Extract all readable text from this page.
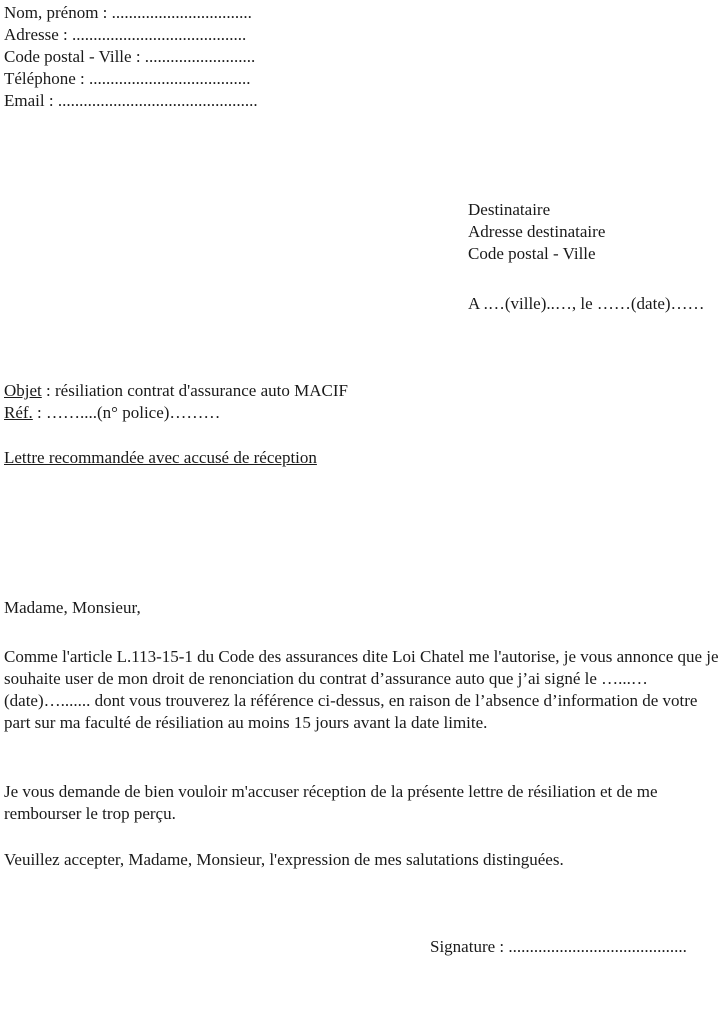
Nom, prénom : .................................
Adresse : .........................................
Code postal - Ville : ..........................
Téléphone : ......................................
Email : ...............................................
Destinataire
Adresse destinataire
Code postal - Ville
A .…(ville)..…, le ……(date)……
Objet : résiliation contrat d'assurance auto MACIF
Réf. : ……....(n° police)………
Lettre recommandée avec accusé de réception
Madame, Monsieur,
Comme l'article L.113-15-1 du Code des assurances dite Loi Chatel me l'autorise, je vous annonce que je souhaite user de mon droit de renonciation du contrat d’assurance auto que j’ai signé le …...…(date)…....... dont vous trouverez la référence ci-dessus, en raison de l’absence d’information de votre part sur ma faculté de résiliation au moins 15 jours avant la date limite.
Je vous demande de bien vouloir m'accuser réception de la présente lettre de résiliation et de me rembourser le trop perçu.
Veuillez accepter, Madame, Monsieur, l'expression de mes salutations distinguées.
Signature : ..........................................
